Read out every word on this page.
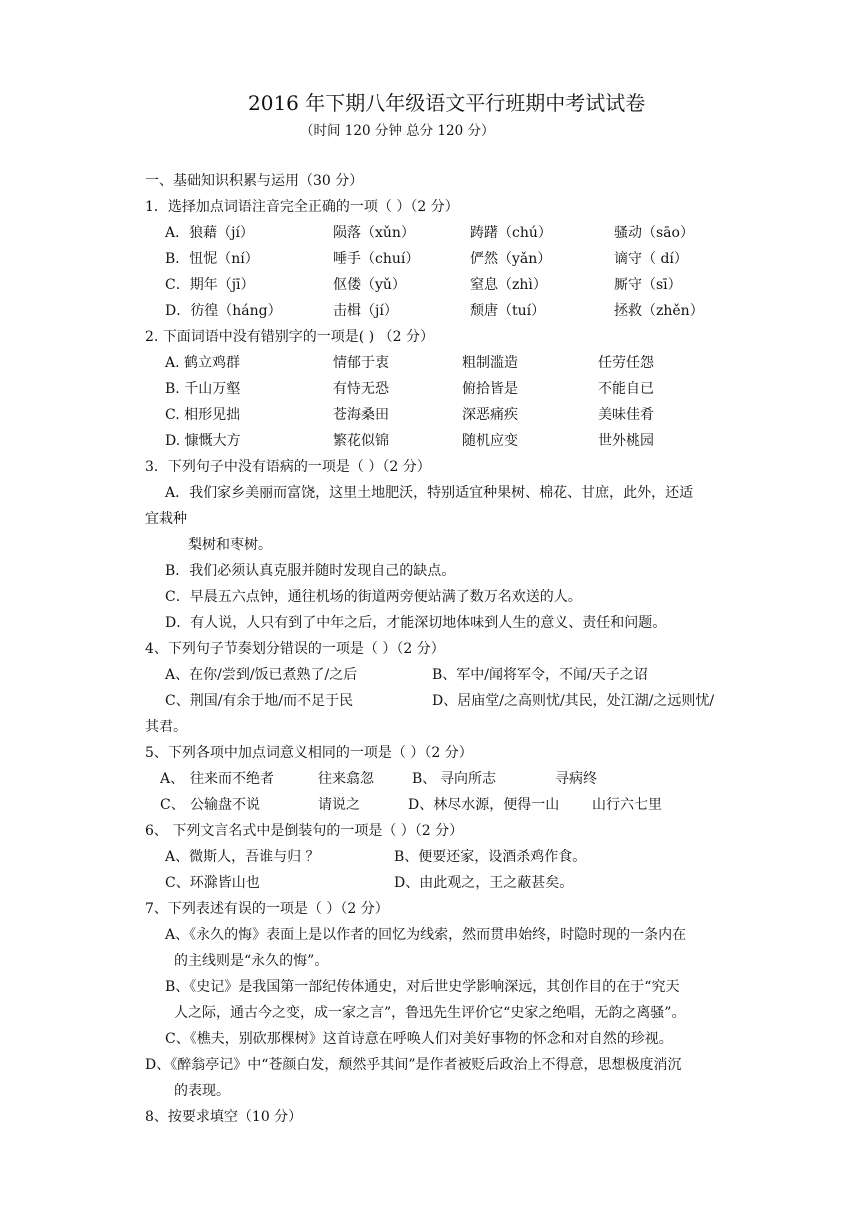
2016 年下期八年级语文平行班期中考试试卷
（时间 120 分钟 总分 120 分）
一、基础知识积累与运用（30 分）
1．选择加点词语注音完全正确的一项（ ）（2 分）
A．狼藉（jí）	陨落（xǔn）	踌躇（chú）	骚动（sāo）
B．忸怩（ní）	唾手（chuí）	俨然（yǎn）	谪守（ dí）
C．期年（jī）	伛偻（yǔ）	窒息（zhì）	厮守（sī）
D．彷徨（háng）	击楫（jí）	颓唐（tuí）	拯救（zhěn）
2. 下面词语中没有错别字的一项是( ) （2 分）
A. 鹤立鸡群	情郁于衷	粗制滥造	任劳任怨
B. 千山万壑	有恃无恐	俯拾皆是	不能自已
C. 相形见拙	苍海桑田	深恶痛疾	美味佳肴
D. 慷慨大方	繁花似锦	随机应变	世外桃园
3．下列句子中没有语病的一项是（ ）（2 分）
A．我们家乡美丽而富饶，这里土地肥沃，特别适宜种果树、棉花、甘庶，此外，还适
宜栽种
梨树和枣树。
B．我们必须认真克服并随时发现自己的缺点。
C．早晨五六点钟，通往机场的街道两旁便站满了数万名欢送的人。
D．有人说，人只有到了中年之后，才能深切地体味到人生的意义、责任和问题。
4、下列句子节奏划分错误的一项是（ ）（2 分）
A、在你/尝到/饭已煮熟了/之后	B、军中/闻将军令，不闻/天子之诏
C、荆国/有余于地/而不足于民	D、居庙堂/之高则忧/其民，处江湖/之远则忧/
其君。
5、下列各项中加点词意义相同的一项是（ ）（2 分）
A、 往来而不绝者	往来翕忽	B、 寻向所志	寻病终
C、 公输盘不说	请说之	D、林尽水源，便得一山 山行六七里
6、 下列文言名式中是倒装句的一项是（ ）（2 分）
A、微斯人，吾谁与归 ？	B、便要还家，设酒杀鸡作食。
C、环滁皆山也	D、由此观之，王之蔽甚矣。
7、下列表述有误的一项是（ ）（2 分）
A、《永久的悔》表面上是以作者的回忆为线索，然而贯串始终，时隐时现的一条内在
的主线则是“永久的悔”。
B、《史记》是我国第一部纪传体通史，对后世史学影响深远，其创作目的在于“究天
人之际，通古今之变，成一家之言”，鲁迅先生评价它“史家之绝唱，无韵之离骚”。
C、《樵夫，别砍那棵树》这首诗意在呼唤人们对美好事物的怀念和对自然的珍视。
D、《醉翁亭记》中“苍颜白发，颓然乎其间”是作者被贬后政治上不得意，思想极度消沉
的表现。
8、按要求填空（10 分）
